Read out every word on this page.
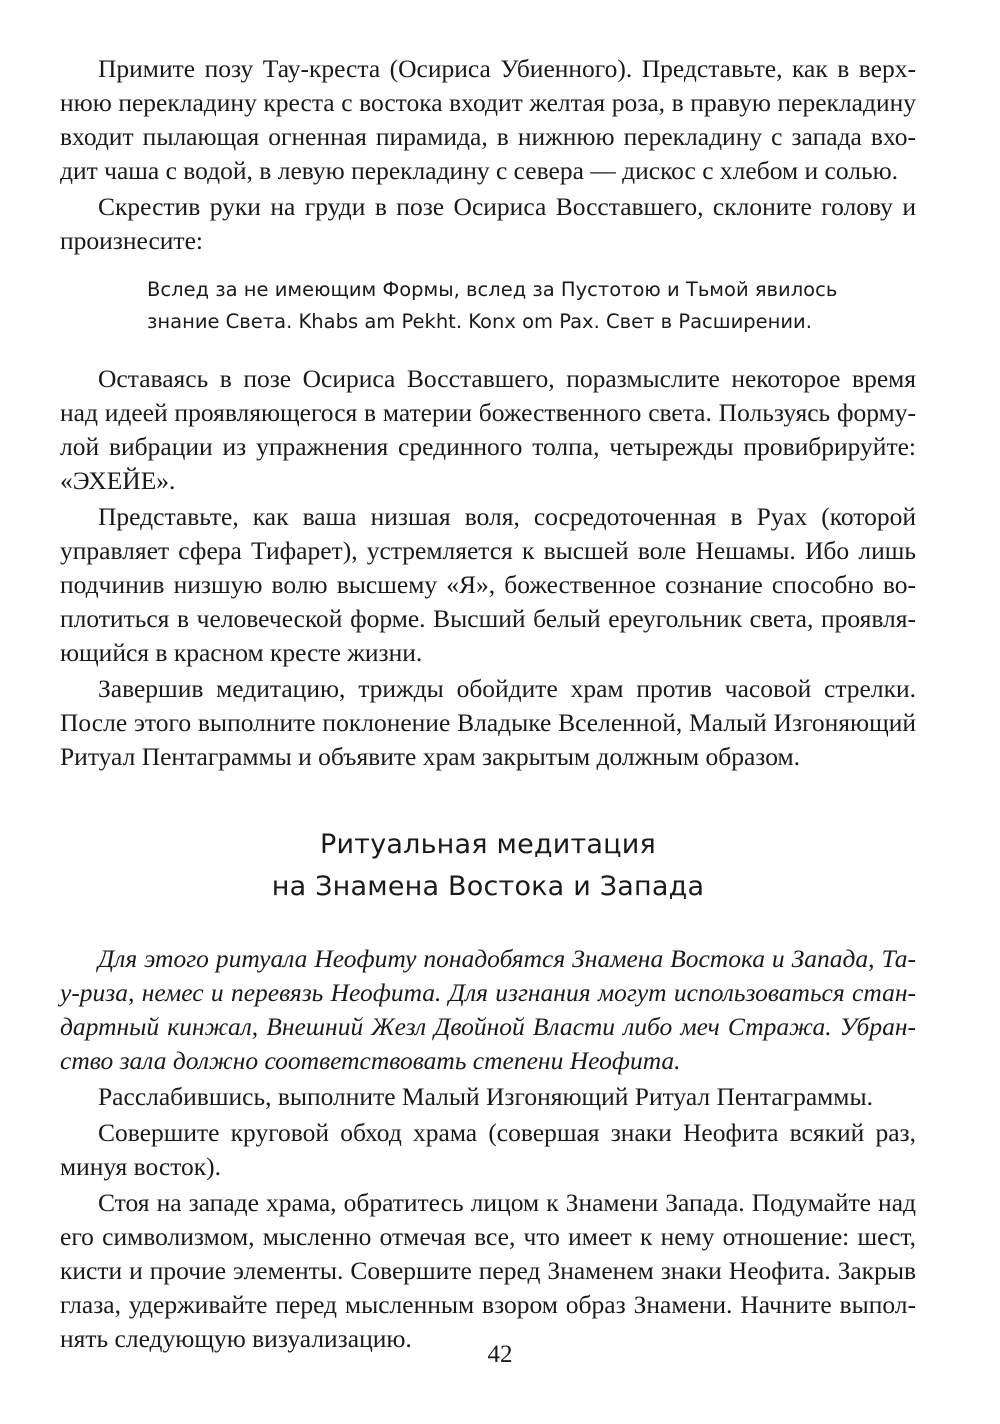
Примите позу Тау-креста (Осириса Убиенного). Представьте, как в верхнюю перекладину креста с востока входит желтая роза, в правую перекладину входит пылающая огненная пирамида, в нижнюю перекладину с запада входит чаша с водой, в левую перекладину с севера — дискос с хлебом и солью.

Скрестив руки на груди в позе Осириса Восставшего, склоните голову и произнесите:

Вслед за не имеющим Формы, вслед за Пустотою и Тьмой явилось знание Света. Khabs am Pekht. Konx om Pax. Свет в Расширении.

Оставаясь в позе Осириса Восставшего, поразмыслите некоторое время над идеей проявляющегося в материи божественного света. Пользуясь формулой вибрации из упражнения срединного толпа, четырежды провибрируйте: «ЭХЕЙЕ».

Представьте, как ваша низшая воля, сосредоточенная в Руах (которой управляет сфера Тифарет), устремляется к высшей воле Нешамы. Ибо лишь подчинив низшую волю высшему «Я», божественное сознание способно воплотиться в человеческой форме. Высший белый ереугольник света, проявляющийся в красном кресте жизни.

Завершив медитацию, трижды обойдите храм против часовой стрелки. После этого выполните поклонение Владыке Вселенной, Малый Изгоняющий Ритуал Пентаграммы и объявите храм закрытым должным образом.

Ритуальная медитация
на Знамена Востока и Запада

Для этого ритуала Неофиту понадобятся Знамена Востока и Запада, Тау-риза, немес и перевязь Неофита. Для изгнания могут использоваться стандартный кинжал, Внешний Жезл Двойной Власти либо меч Стража. Убранство зала должно соответствовать степени Неофита.

Расслабившись, выполните Малый Изгоняющий Ритуал Пентаграммы.

Совершите круговой обход храма (совершая знаки Неофита всякий раз, минуя восток).

Стоя на западе храма, обратитесь лицом к Знамени Запада. Подумайте над его символизмом, мысленно отмечая все, что имеет к нему отношение: шест, кисти и прочие элементы. Совершите перед Знаменем знаки Неофита. Закрыв глаза, удерживайте перед мысленным взором образ Знамени. Начните выполнять следующую визуализацию.

42
